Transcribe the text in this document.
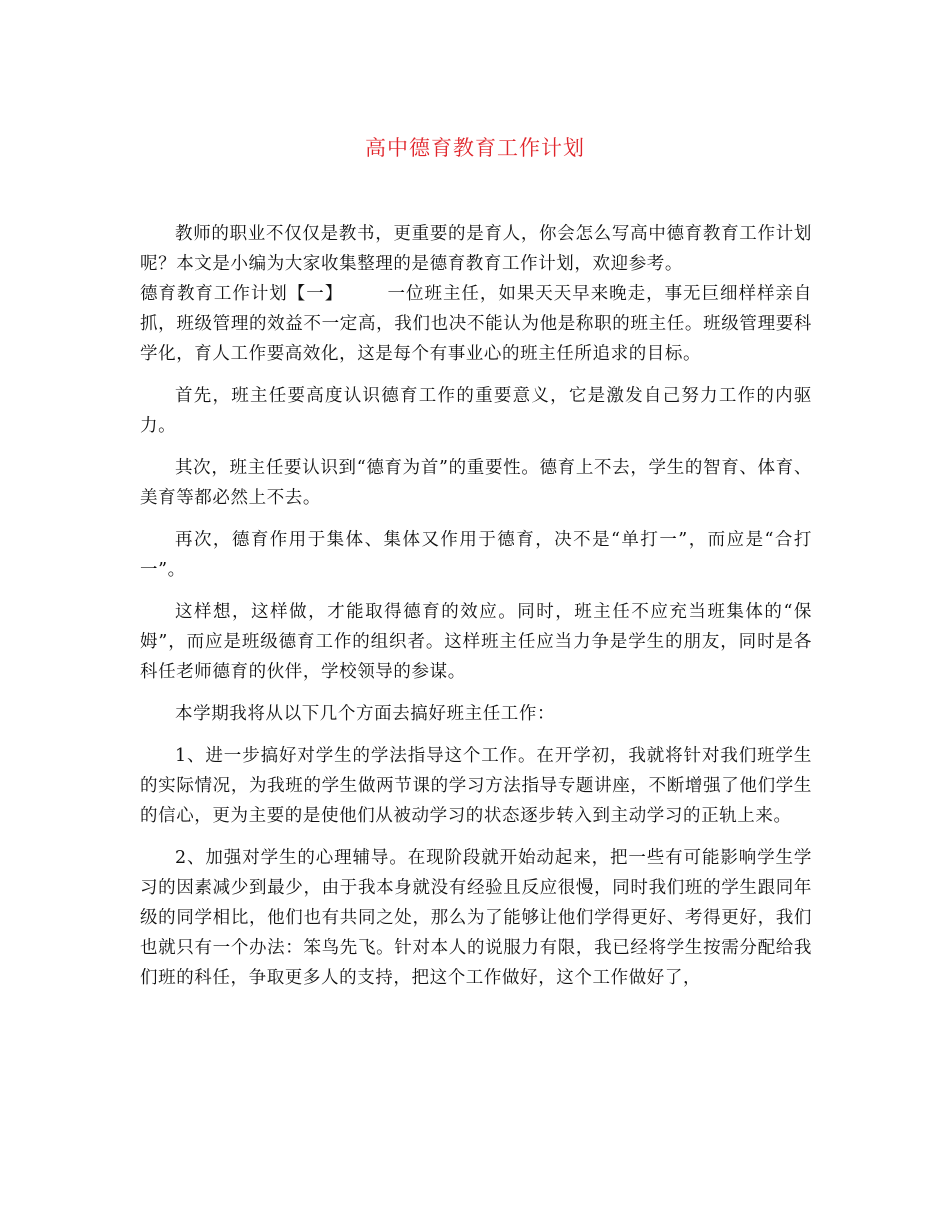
高中德育教育工作计划

教师的职业不仅仅是教书，更重要的是育人，你会怎么写高中德育教育工作计划呢？本文是小编为大家收集整理的是德育教育工作计划，欢迎参考。

德育教育工作计划【一】	一位班主任，如果天天早来晚走，事无巨细样样亲自抓，班级管理的效益不一定高，我们也决不能认为他是称职的班主任。班级管理要科学化，育人工作要高效化，这是每个有事业心的班主任所追求的目标。

首先，班主任要高度认识德育工作的重要意义，它是激发自己努力工作的内驱力。

其次，班主任要认识到“德育为首”的重要性。德育上不去，学生的智育、体育、美育等都必然上不去。

再次，德育作用于集体、集体又作用于德育，决不是“单打一”，而应是“合打一”。

这样想，这样做，才能取得德育的效应。同时，班主任不应充当班集体的“保姆”，而应是班级德育工作的组织者。这样班主任应当力争是学生的朋友，同时是各科任老师德育的伙伴，学校领导的参谋。

本学期我将从以下几个方面去搞好班主任工作：

1、进一步搞好对学生的学法指导这个工作。在开学初，我就将针对我们班学生的实际情况，为我班的学生做两节课的学习方法指导专题讲座，不断增强了他们学生的信心，更为主要的是使他们从被动学习的状态逐步转入到主动学习的正轨上来。

2、加强对学生的心理辅导。在现阶段就开始动起来，把一些有可能影响学生学习的因素减少到最少，由于我本身就没有经验且反应很慢，同时我们班的学生跟同年级的同学相比，他们也有共同之处，那么为了能够让他们学得更好、考得更好，我们也就只有一个办法：笨鸟先飞。针对本人的说服力有限，我已经将学生按需分配给我们班的科任，争取更多人的支持，把这个工作做好，这个工作做好了，
